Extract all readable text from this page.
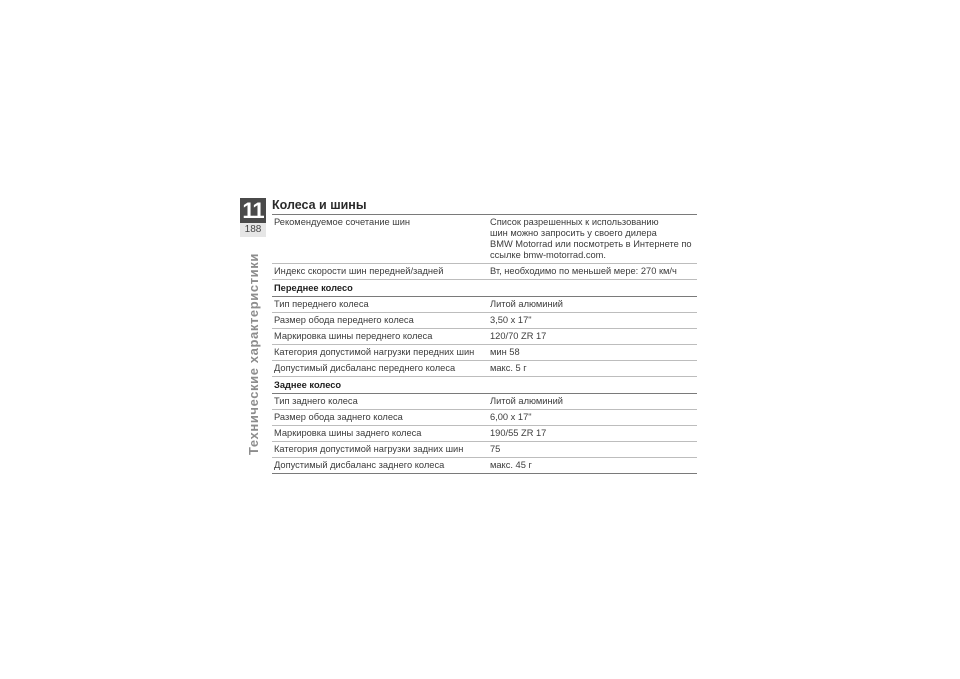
11
188
Технические характеристики
Колеса и шины
Рекомендуемое сочетание шин	Список разрешенных к использованию
шин можно запросить у своего дилера
BMW Motorrad или посмотреть в Интернете по
ссылке bmw-motorrad.com.

Индекс скорости шин передней/задней	Вт, необходимо по меньшей мере: 270 км/ч
Переднее колесо	
Тип переднего колеса	Литой алюминий
Размер обода переднего колеса	3,50 x 17"
Маркировка шины переднего колеса	120/70 ZR 17
Категория допустимой нагрузки передних шин	мин 58
Допустимый дисбаланс переднего колеса	макс. 5 г
Заднее колесо	
Тип заднего колеса	Литой алюминий
Размер обода заднего колеса	6,00 x 17"
Маркировка шины заднего колеса	190/55 ZR 17
Категория допустимой нагрузки задних шин	75
Допустимый дисбаланс заднего колеса	макс. 45 г
